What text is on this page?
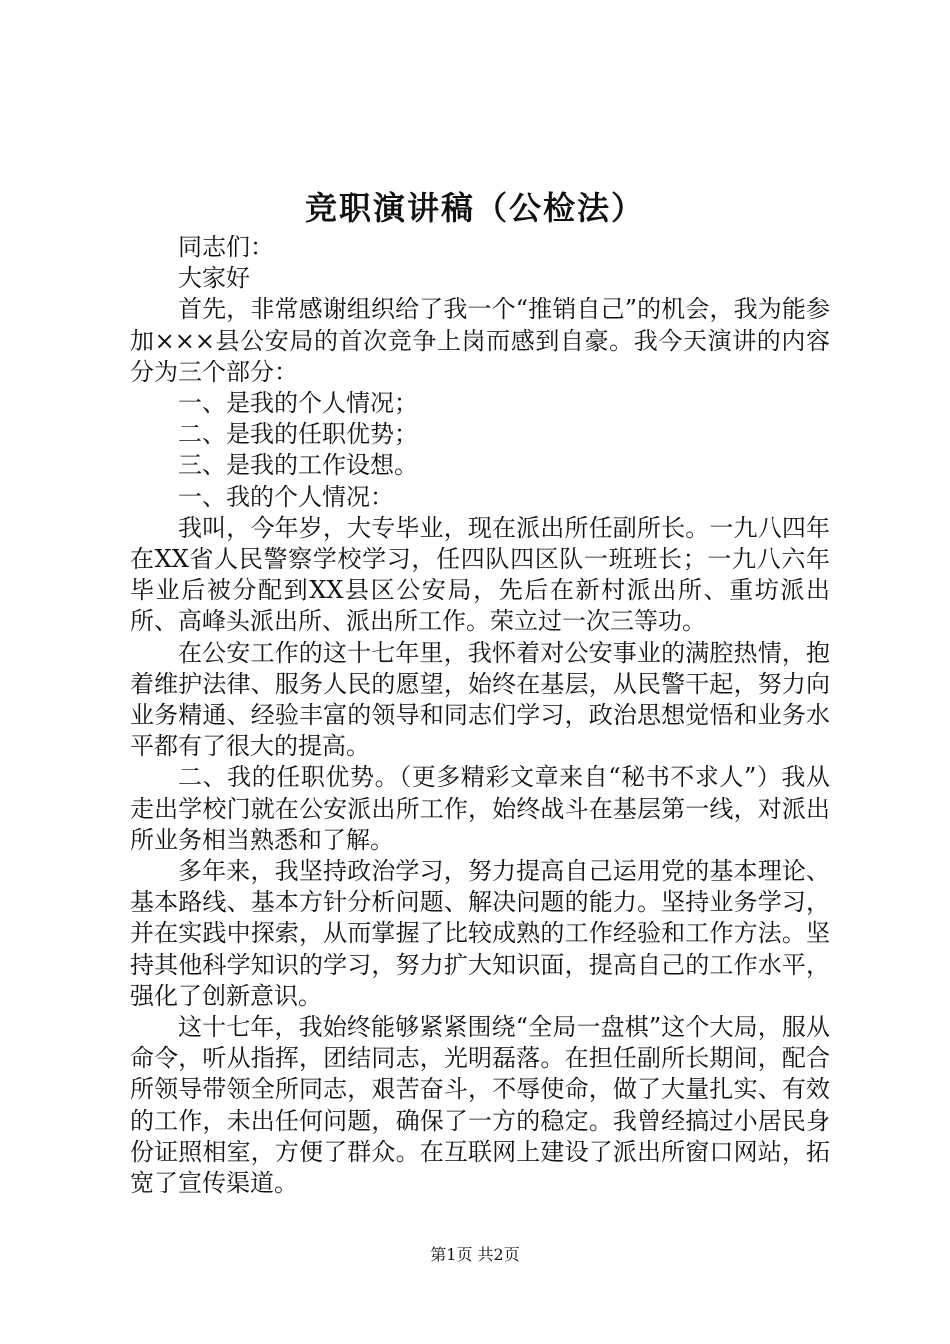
竞职演讲稿（公检法）

同志们：

大家好

首先，非常感谢组织给了我一个“推销自己”的机会，我为能参加×××县公安局的首次竞争上岗而感到自豪。我今天演讲的内容分为三个部分：

一、是我的个人情况；

二、是我的任职优势；

三、是我的工作设想。

一、我的个人情况：

我叫，今年岁，大专毕业，现在派出所任副所长。一九八四年在XX省人民警察学校学习，任四队四区队一班班长；一九八六年毕业后被分配到XX县区公安局，先后在新村派出所、重坊派出所、高峰头派出所、派出所工作。荣立过一次三等功。

在公安工作的这十七年里，我怀着对公安事业的满腔热情，抱着维护法律、服务人民的愿望，始终在基层，从民警干起，努力向业务精通、经验丰富的领导和同志们学习，政治思想觉悟和业务水平都有了很大的提高。

二、我的任职优势。（更多精彩文章来自“秘书不求人”）我从走出学校门就在公安派出所工作，始终战斗在基层第一线，对派出所业务相当熟悉和了解。

多年来，我坚持政治学习，努力提高自己运用党的基本理论、基本路线、基本方针分析问题、解决问题的能力。坚持业务学习，并在实践中探索，从而掌握了比较成熟的工作经验和工作方法。坚持其他科学知识的学习，努力扩大知识面，提高自己的工作水平，强化了创新意识。

这十七年，我始终能够紧紧围绕“全局一盘棋”这个大局，服从命令，听从指挥，团结同志，光明磊落。在担任副所长期间，配合所领导带领全所同志，艰苦奋斗，不辱使命，做了大量扎实、有效的工作，未出任何问题，确保了一方的稳定。我曾经搞过小居民身份证照相室，方便了群众。在互联网上建设了派出所窗口网站，拓宽了宣传渠道。

第1页 共2页
